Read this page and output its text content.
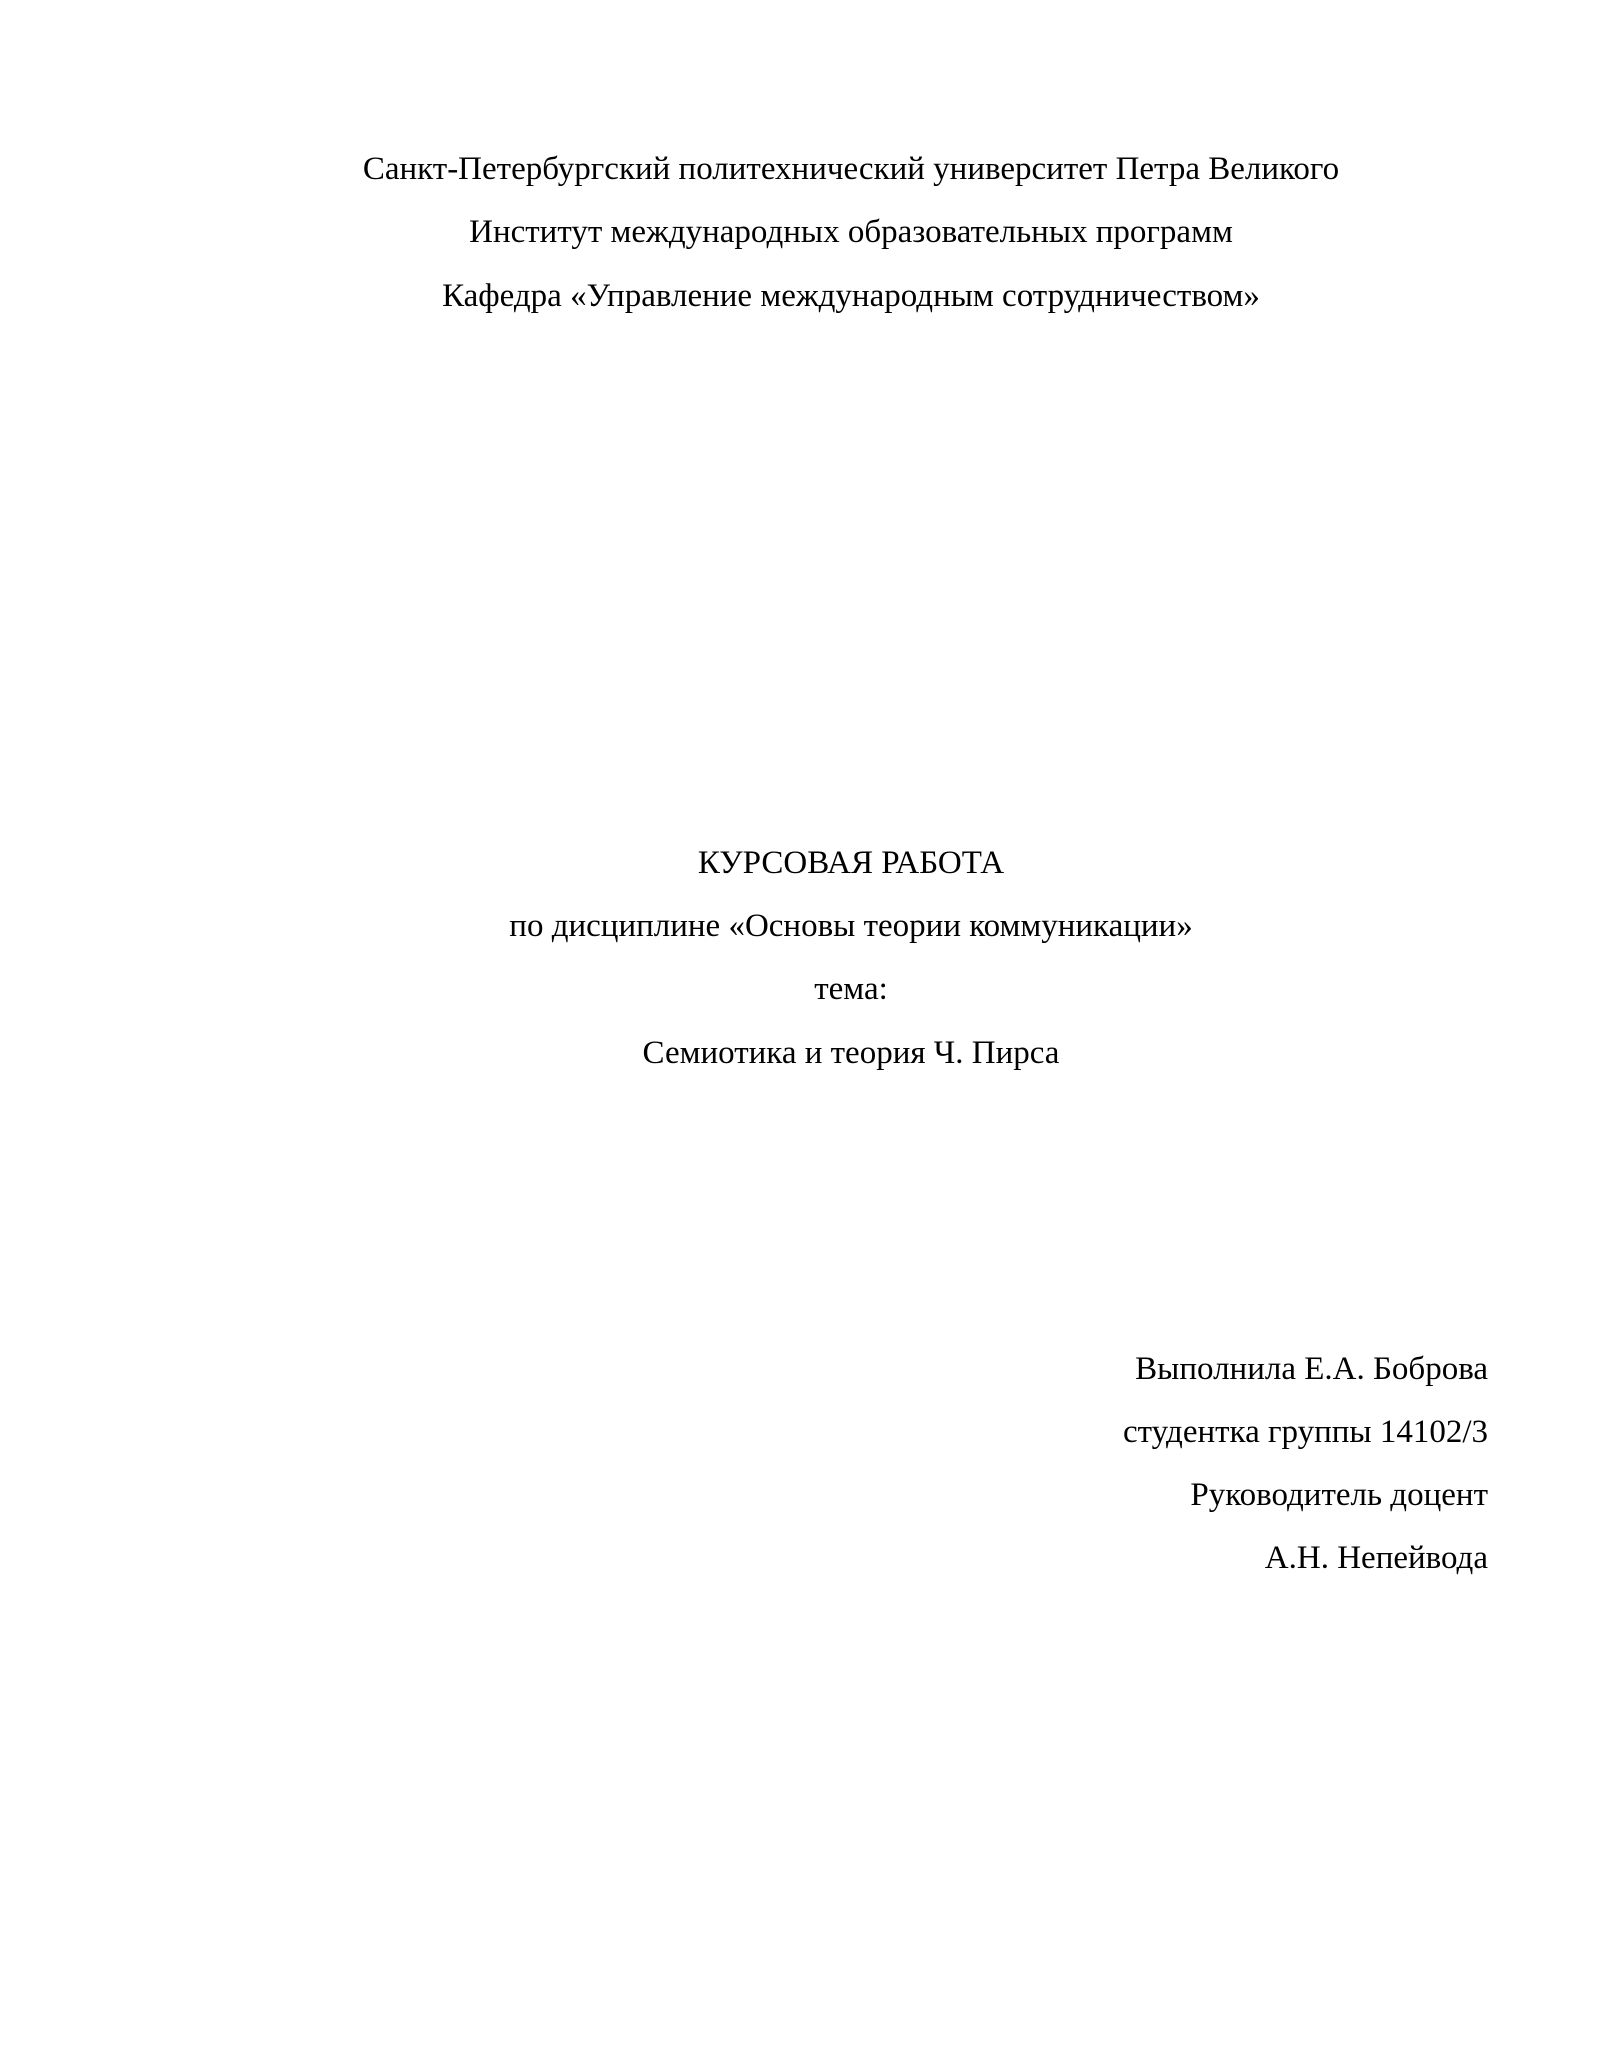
Санкт-Петербургский политехнический университет Петра Великого

Институт международных образовательных программ

Кафедра «Управление международным сотрудничеством»

КУРСОВАЯ РАБОТА

по дисциплине «Основы теории коммуникации»

тема:

Семиотика и теория Ч. Пирса

Выполнила Е.А. Боброва

студентка группы 14102/3

Руководитель доцент

А.Н. Непейвода
